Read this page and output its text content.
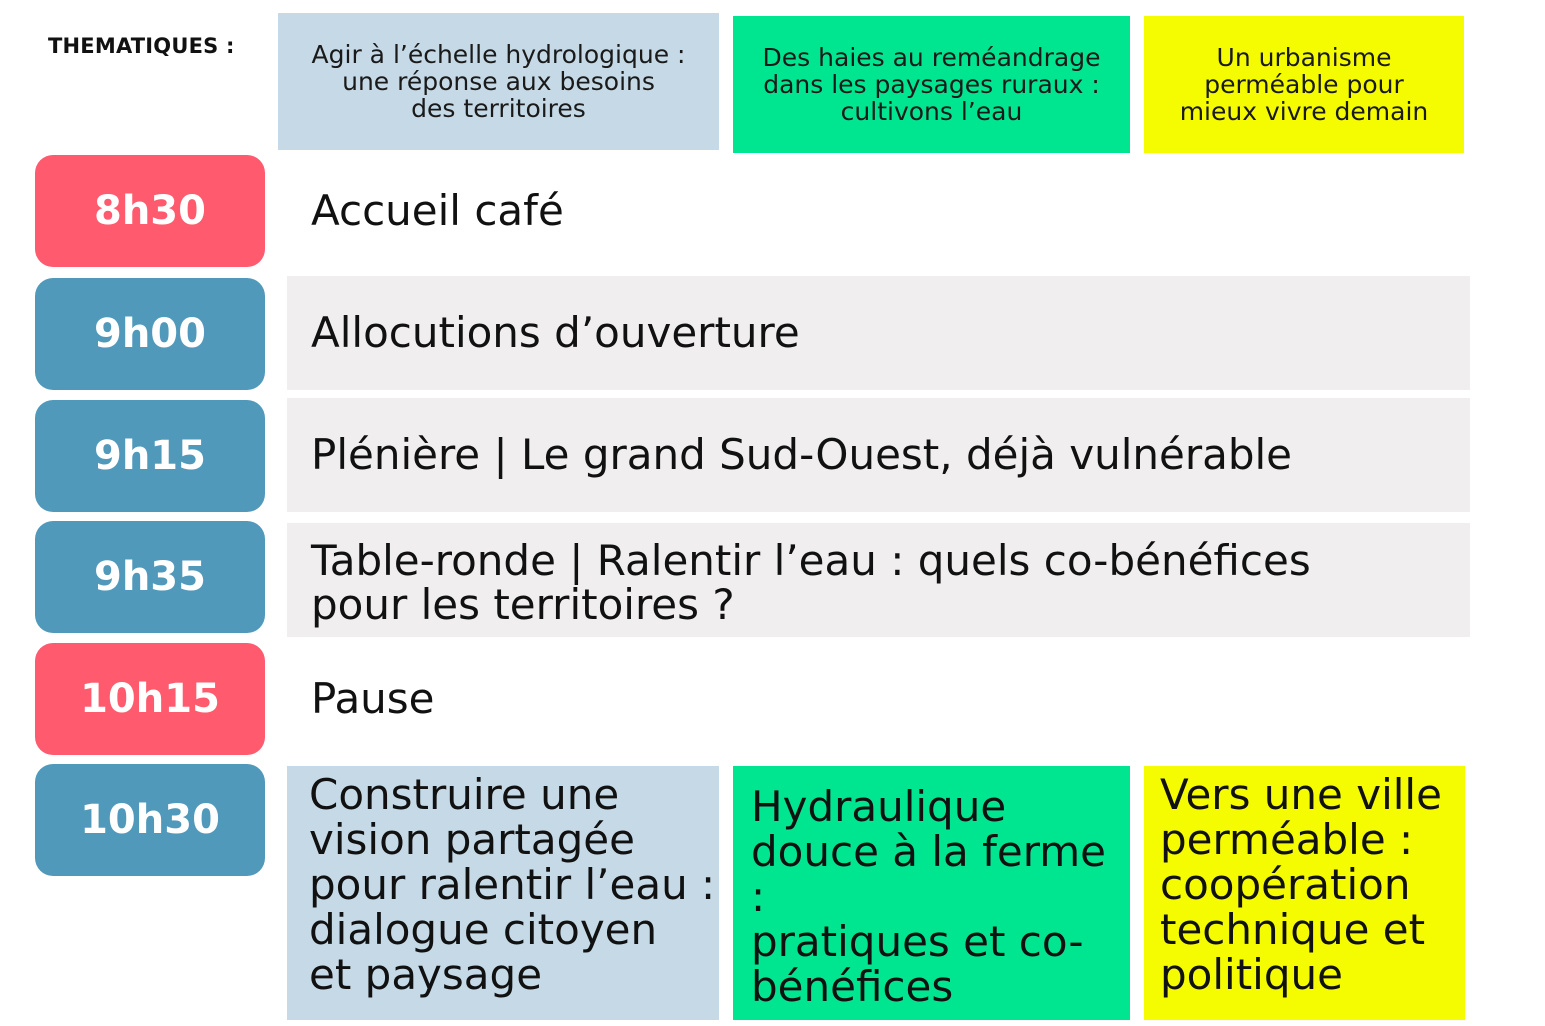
THEMATIQUES :	Agir à l’échelle hydrologique :
une réponse aux besoins
des territoires
Des haies au reméandrage
dans les paysages ruraux :
cultivons l’eau
Un urbanisme
perméable pour
mieux vivre demain
8h30
9h00
9h15
9h35
10h15
10h30
Accueil café
Allocutions d’ouverture
Plénière | Le grand Sud-Ouest, déjà vulnérable
Table-ronde | Ralentir l’eau : quels co-bénéfices
pour les territoires ?
Pause
Construire une
vision partagée
pour ralentir l’eau :
dialogue citoyen
et paysage
Hydraulique
douce à la ferme :
pratiques et co-
bénéfices
Vers une ville
perméable :
coopération
technique et
politique
